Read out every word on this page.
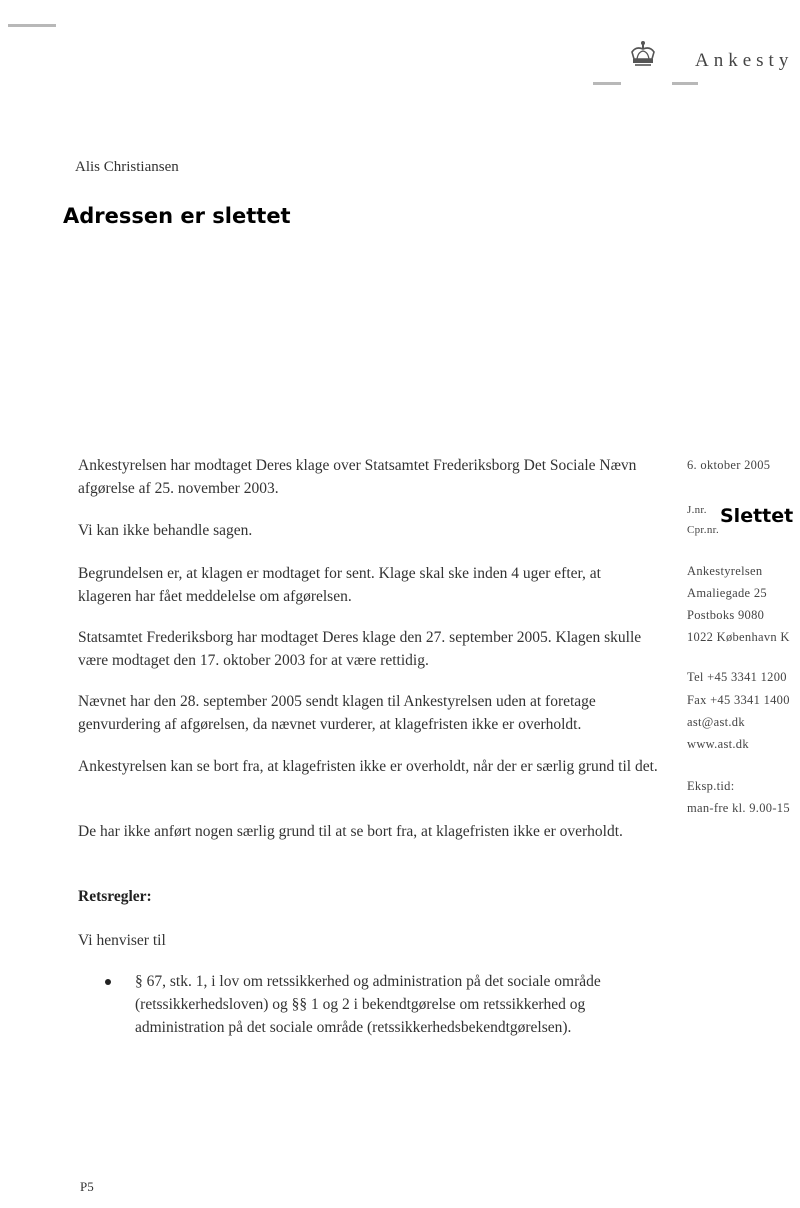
Ankesty
Alis Christiansen
Adressen er slettet

Ankestyrelsen har modtaget Deres klage over Statsamtet Frederiksborg Det Sociale Nævn afgørelse af 25. november 2003.

Vi kan ikke behandle sagen.

Begrundelsen er, at klagen er modtaget for sent. Klage skal ske inden 4 uger efter, at klageren har fået meddelelse om afgørelsen.

Statsamtet Frederiksborg har modtaget Deres klage den 27. september 2005. Klagen skulle være modtaget den 17. oktober 2003 for at være rettidig.

Nævnet har den 28. september 2005 sendt klagen til Ankestyrelsen uden at foretage genvurdering af afgørelsen, da nævnet vurderer, at klagefristen ikke er overholdt.

Ankestyrelsen kan se bort fra, at klagefristen ikke er overholdt, når der er særlig grund til det.

De har ikke anført nogen særlig grund til at se bort fra, at klagefristen ikke er overholdt.

Retsregler:

Vi henviser til

§ 67, stk. 1, i lov om retssikkerhed og administration på det sociale område (retssikkerhedsloven) og §§ 1 og 2 i bekendtgørelse om retssikkerhed og administration på det sociale område (retssikkerhedsbekendtgørelsen).

6. oktober 2005
J.nr. Slettet
Cpr.nr.
Ankestyrelsen
Amaliegade 25
Postboks 9080
1022 København K
Tel +45 3341 1200
Fax +45 3341 1400
ast@ast.dk
www.ast.dk
Eksp.tid:
man-fre kl. 9.00-15
P5
